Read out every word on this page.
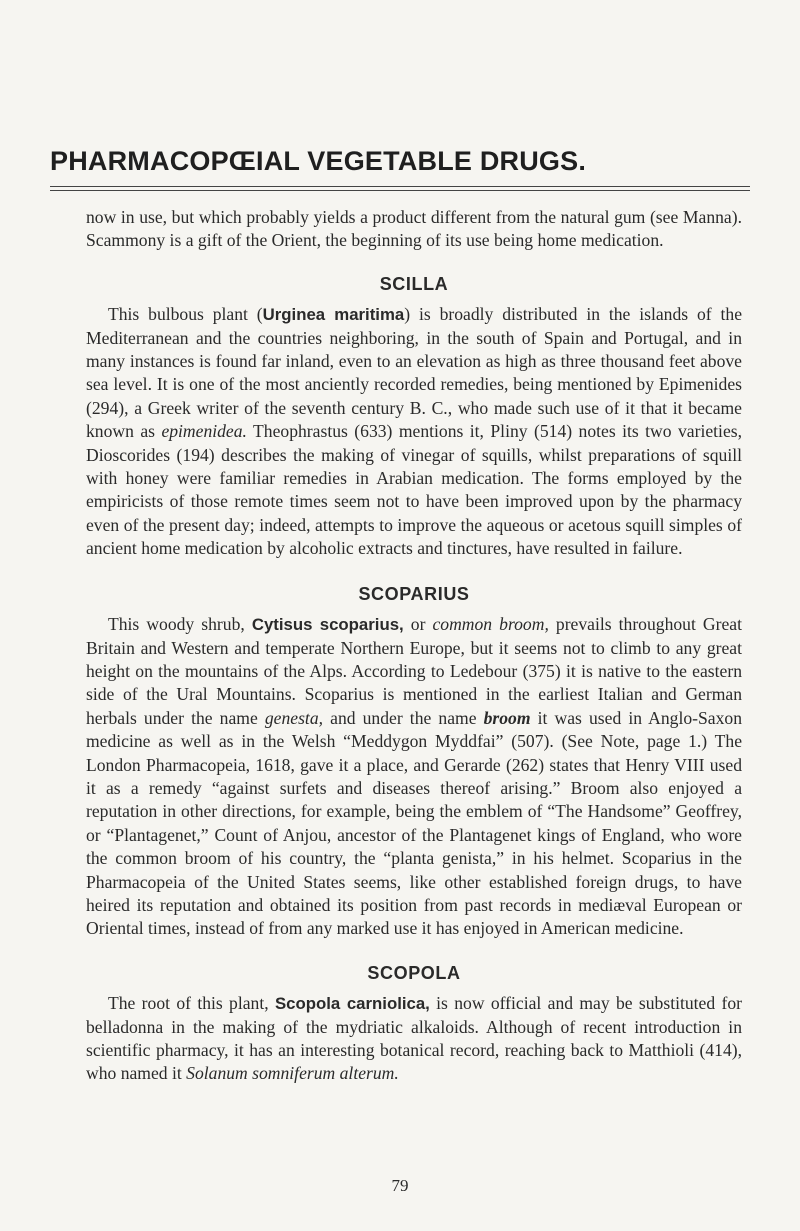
PHARMACOPŒIAL VEGETABLE DRUGS.

now in use, but which probably yields a product different from the natural gum (see Manna). Scammony is a gift of the Orient, the beginning of its use being home medication.

SCILLA

This bulbous plant (Urginea maritima) is broadly distributed in the islands of the Mediterranean and the countries neighboring, in the south of Spain and Portugal, and in many instances is found far inland, even to an elevation as high as three thousand feet above sea level. It is one of the most anciently recorded remedies, being mentioned by Epimenides (294), a Greek writer of the seventh century B. C., who made such use of it that it became known as epimenidea. Theophrastus (633) mentions it, Pliny (514) notes its two varieties, Dioscorides (194) describes the making of vinegar of squills, whilst preparations of squill with honey were familiar remedies in Arabian medication. The forms employed by the empiricists of those remote times seem not to have been improved upon by the pharmacy even of the present day; indeed, attempts to improve the aqueous or acetous squill simples of ancient home medication by alcoholic extracts and tinctures, have resulted in failure.

SCOPARIUS

This woody shrub, Cytisus scoparius, or common broom, prevails throughout Great Britain and Western and temperate Northern Europe, but it seems not to climb to any great height on the mountains of the Alps. According to Ledebour (375) it is native to the eastern side of the Ural Mountains. Scoparius is mentioned in the earliest Italian and German herbals under the name genesta, and under the name broom it was used in Anglo-Saxon medicine as well as in the Welsh “Meddygon Myddfai” (507). (See Note, page 1.) The London Pharmacopeia, 1618, gave it a place, and Gerarde (262) states that Henry VIII used it as a remedy “against surfets and diseases thereof arising.” Broom also enjoyed a reputation in other directions, for example, being the emblem of “The Handsome” Geoffrey, or “Plantagenet,” Count of Anjou, ancestor of the Plantagenet kings of England, who wore the common broom of his country, the “planta genista,” in his helmet. Scoparius in the Pharmacopeia of the United States seems, like other established foreign drugs, to have heired its reputation and obtained its position from past records in mediæval European or Oriental times, instead of from any marked use it has enjoyed in American medicine.

SCOPOLA

The root of this plant, Scopola carniolica, is now official and may be substituted for belladonna in the making of the mydriatic alkaloids. Although of recent introduction in scientific pharmacy, it has an interesting botanical record, reaching back to Matthioli (414), who named it Solanum somniferum alterum.

79
